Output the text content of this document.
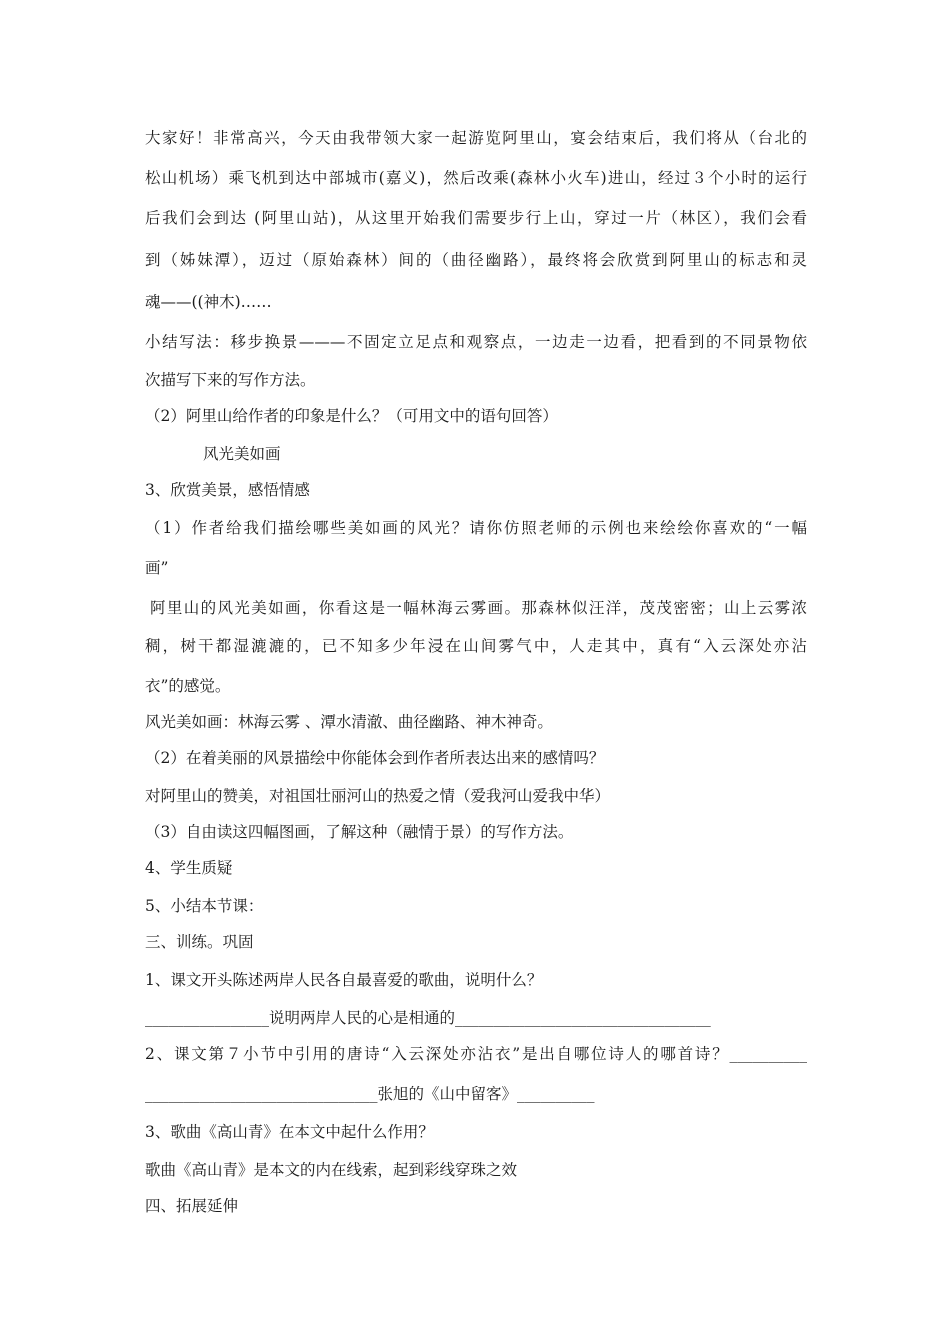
大家好！非常高兴，今天由我带领大家一起游览阿里山，宴会结束后，我们将从（台北的
松山机场）乘飞机到达中部城市(嘉义)，然后改乘(森林小火车)进山，经过３个小时的运行
后我们会到达 (阿里山站)，从这里开始我们需要步行上山，穿过一片（林区），我们会看
到（姊妹潭），迈过（原始森林）间的（曲径幽路），最终将会欣赏到阿里山的标志和灵
魂——((神木)……
小结写法：移步换景———不固定立足点和观察点，一边走一边看，把看到的不同景物依
次描写下来的写作方法。
（2）阿里山给作者的印象是什么？（可用文中的语句回答）
风光美如画
3、欣赏美景，感悟情感
（1）作者给我们描绘哪些美如画的风光？请你仿照老师的示例也来绘绘你喜欢的“一幅
画”
阿里山的风光美如画，你看这是一幅林海云雾画。那森林似汪洋，茂茂密密；山上云雾浓
稠，树干都湿漉漉的，已不知多少年浸在山间雾气中，人走其中，真有“入云深处亦沾
衣”的感觉。
风光美如画：林海云雾 、潭水清澈、曲径幽路、神木神奇。
（2）在着美丽的风景描绘中你能体会到作者所表达出来的感情吗？
对阿里山的赞美，对祖国壮丽河山的热爱之情（爱我河山爱我中华）
（3）自由读这四幅图画，了解这种（融情于景）的写作方法。
4、学生质疑
5、小结本节课：
三、训练。巩固
1、课文开头陈述两岸人民各自最喜爱的歌曲，说明什么？
________________说明两岸人民的心是相通的_________________________________
2、课文第７小节中引用的唐诗“入云深处亦沾衣”是出自哪位诗人的哪首诗？__________
______________________________张旭的《山中留客》__________
3、歌曲《高山青》在本文中起什么作用？
歌曲《高山青》是本文的内在线索，起到彩线穿珠之效
四、拓展延伸
